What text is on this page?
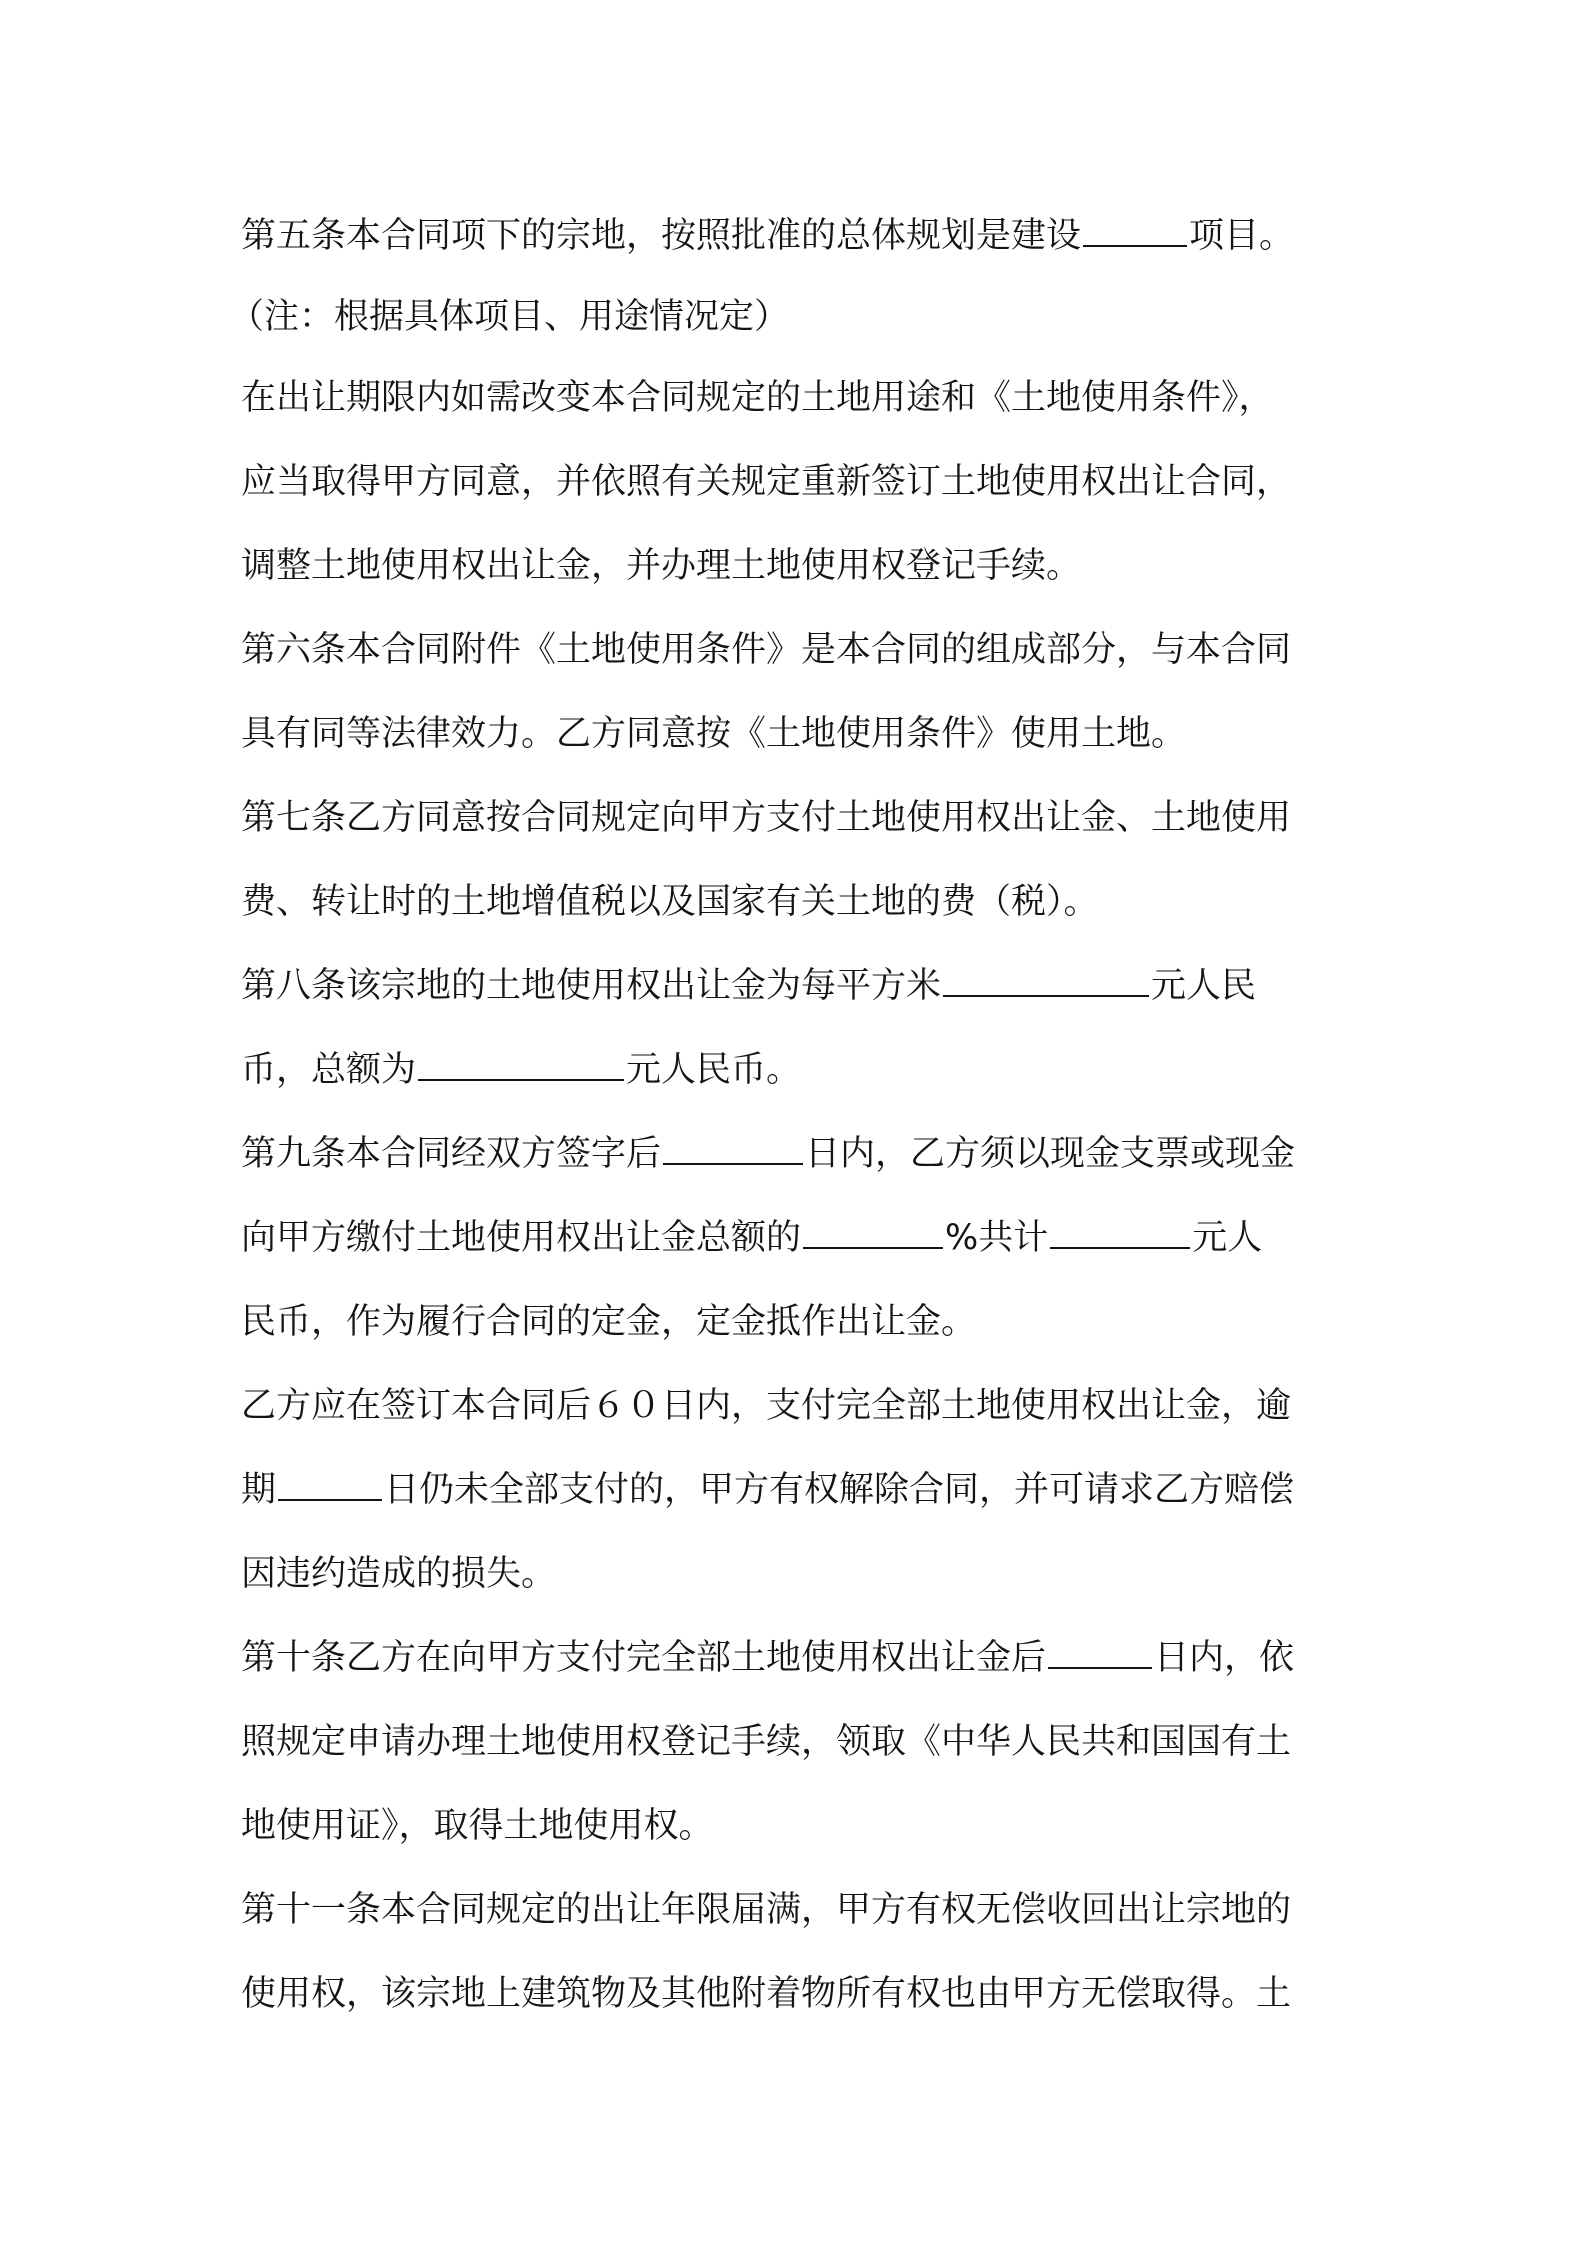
第五条本合同项下的宗地，按照批准的总体规划是建设	项目。
（注：根据具体项目、用途情况定）
在出让期限内如需改变本合同规定的土地用途和《土地使用条件》，
应当取得甲方同意，并依照有关规定重新签订土地使用权出让合同，
调整土地使用权出让金，并办理土地使用权登记手续。
第六条本合同附件《土地使用条件》是本合同的组成部分，与本合同
具有同等法律效力。乙方同意按《土地使用条件》使用土地。
第七条乙方同意按合同规定向甲方支付土地使用权出让金、土地使用
费、转让时的土地增值税以及国家有关土地的费（税）。
第八条该宗地的土地使用权出让金为每平方米	元人民
币，总额为	元人民币。
第九条本合同经双方签字后	日内，乙方须以现金支票或现金
向甲方缴付土地使用权出让金总额的	%共计	元人
民币，作为履行合同的定金，定金抵作出让金。
乙方应在签订本合同后６０日内，支付完全部土地使用权出让金，逾
期	日仍未全部支付的，甲方有权解除合同，并可请求乙方赔偿
因违约造成的损失。
第十条乙方在向甲方支付完全部土地使用权出让金后	日内，依
照规定申请办理土地使用权登记手续，领取《中华人民共和国国有土
地使用证》，取得土地使用权。
第十一条本合同规定的出让年限届满，甲方有权无偿收回出让宗地的
使用权，该宗地上建筑物及其他附着物所有权也由甲方无偿取得。土
